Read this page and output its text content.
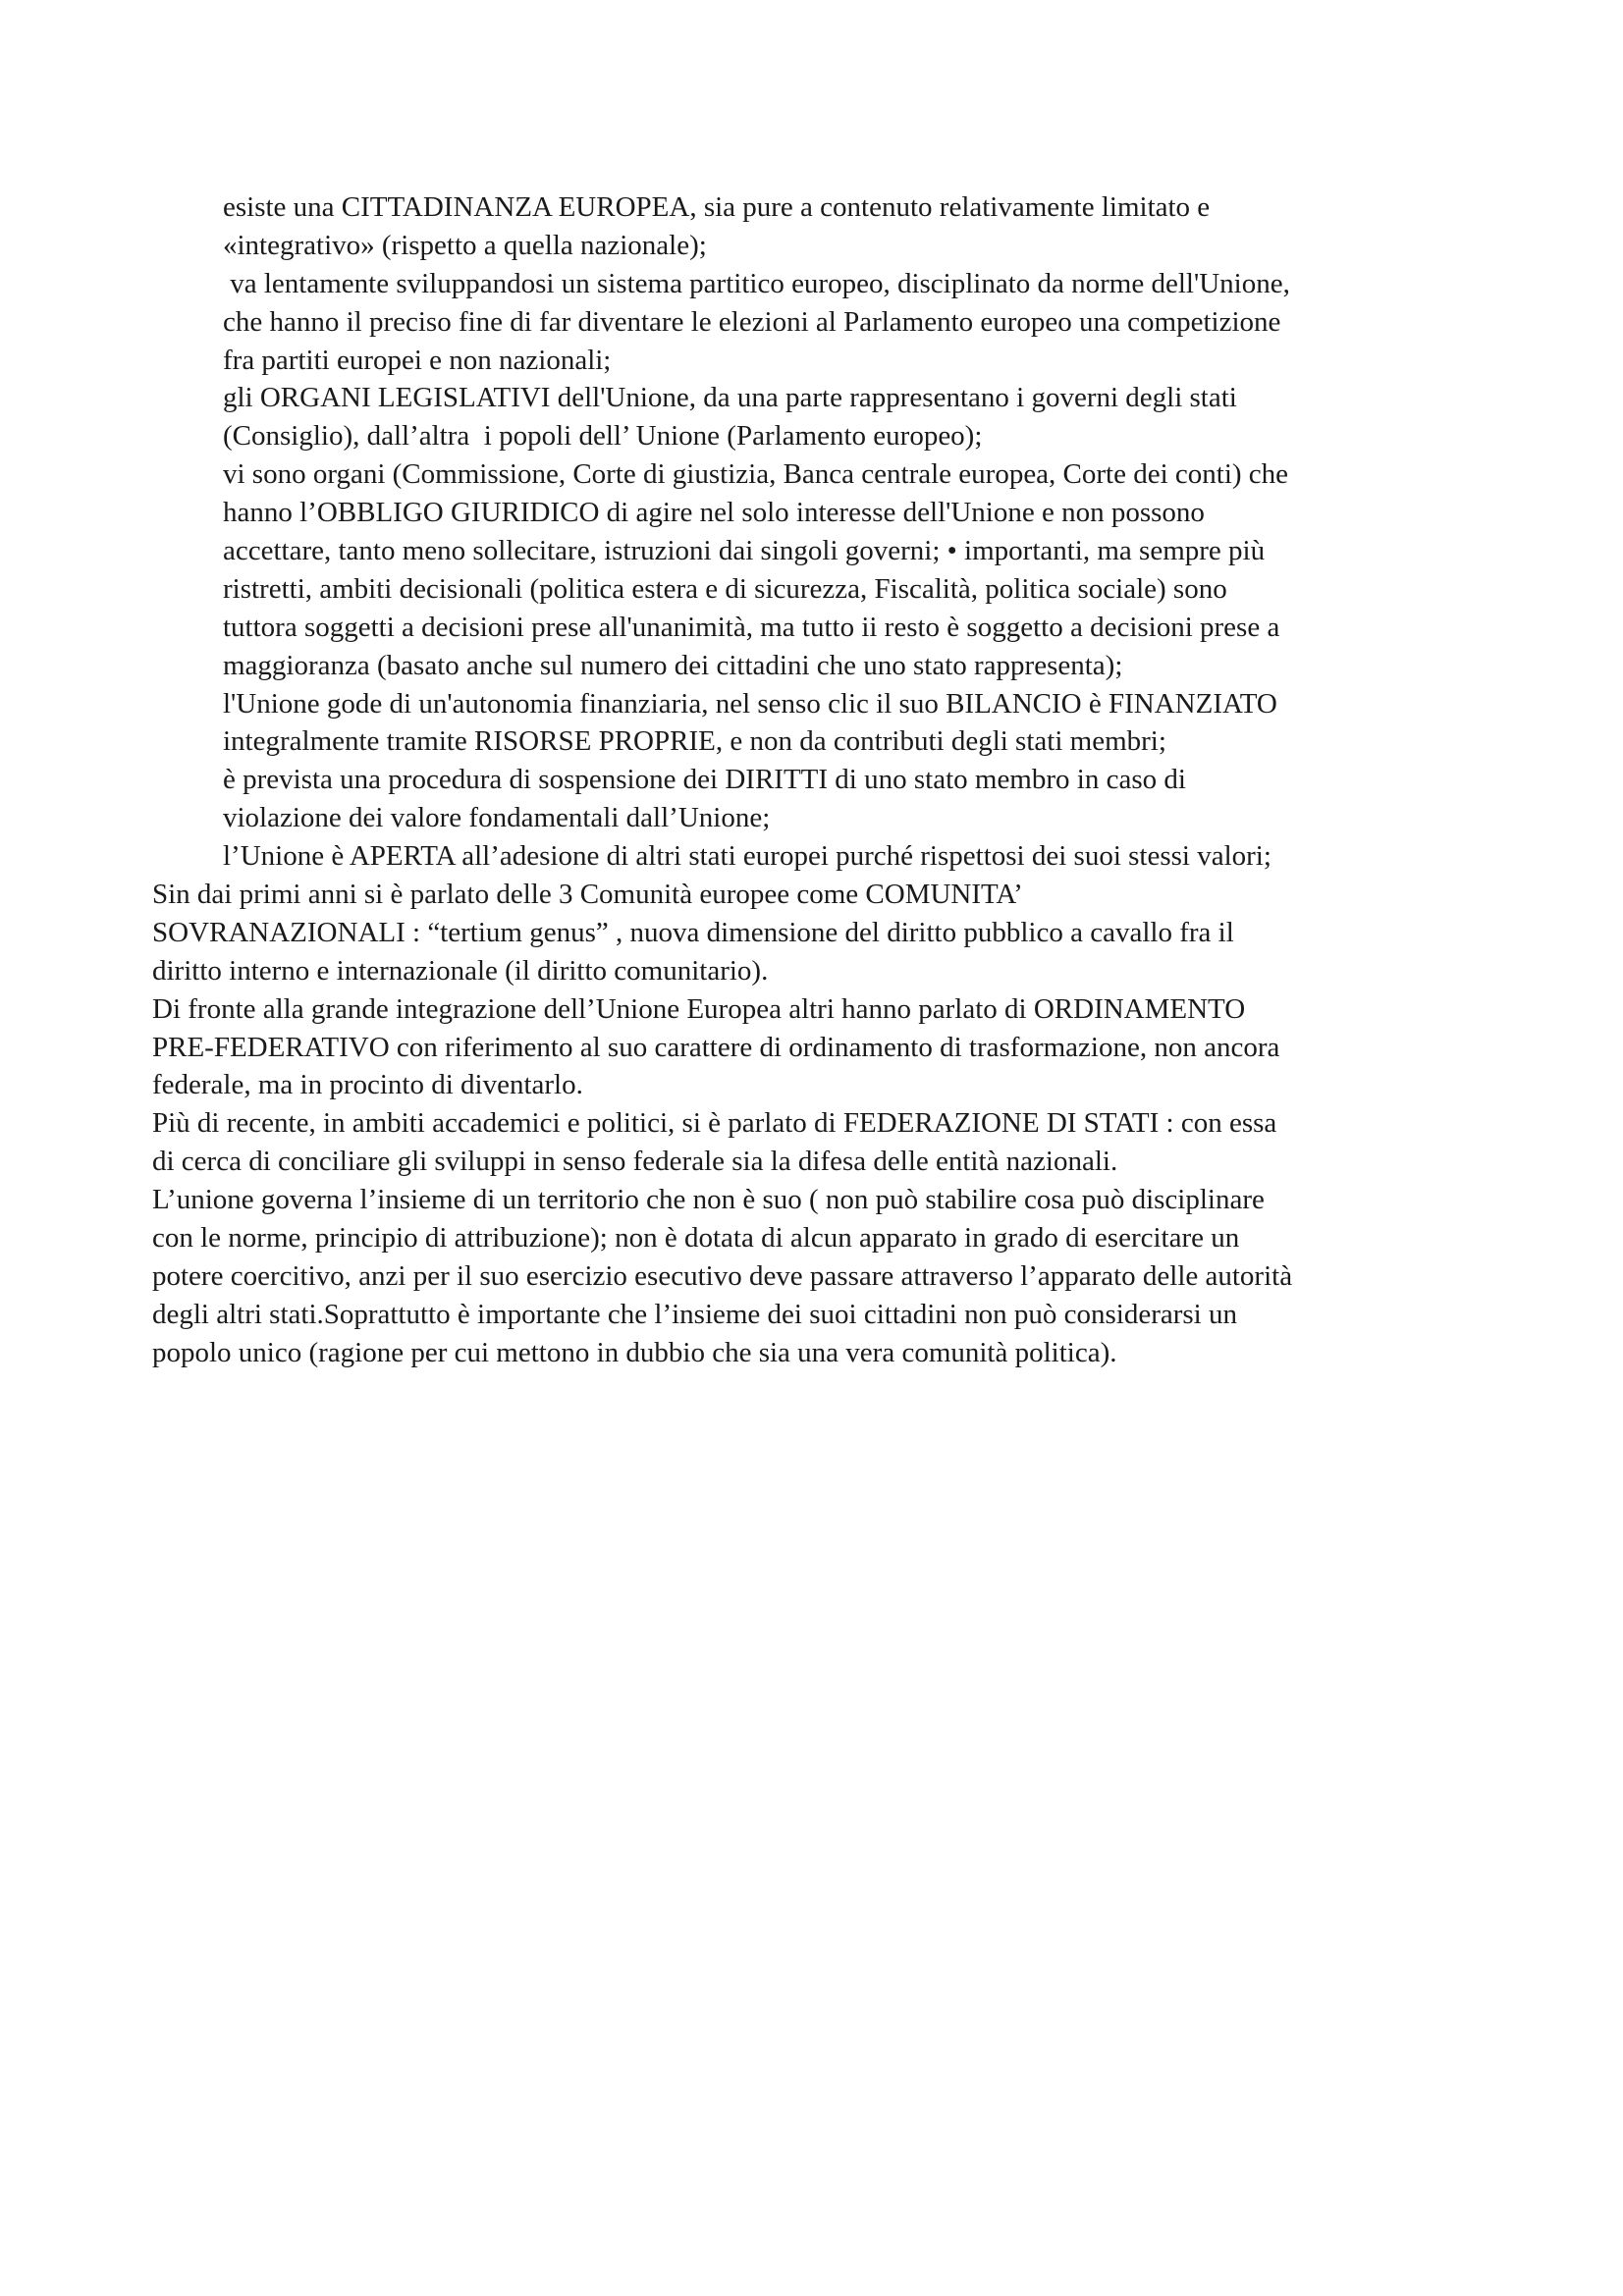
esiste una CITTADINANZA EUROPEA, sia pure a contenuto relativamente limitato e
«integrativo» (rispetto a quella nazionale);
va lentamente sviluppandosi un sistema partitico europeo, disciplinato da norme dell'Unione,
che hanno il preciso fine di far diventare le elezioni al Parlamento europeo una competizione
fra partiti europei e non nazionali;
gli ORGANI LEGISLATIVI dell'Unione, da una parte rappresentano i governi degli stati
(Consiglio), dall’altra  i popoli dell’ Unione (Parlamento europeo);
vi sono organi (Commissione, Corte di giustizia, Banca centrale europea, Corte dei conti) che
hanno l’OBBLIGO GIURIDICO di agire nel solo interesse dell'Unione e non possono
accettare, tanto meno sollecitare, istruzioni dai singoli governi; • importanti, ma sempre più
ristretti, ambiti decisionali (politica estera e di sicurezza, Fiscalità, politica sociale) sono
tuttora soggetti a decisioni prese all'unanimità, ma tutto ii resto è soggetto a decisioni prese a
maggioranza (basato anche sul numero dei cittadini che uno stato rappresenta);
l'Unione gode di un'autonomia finanziaria, nel senso clic il suo BILANCIO è FINANZIATO
integralmente tramite RISORSE PROPRIE, e non da contributi degli stati membri;
è prevista una procedura di sospensione dei DIRITTI di uno stato membro in caso di
violazione dei valore fondamentali dall’Unione;
l’Unione è APERTA all’adesione di altri stati europei purché rispettosi dei suoi stessi valori;
Sin dai primi anni si è parlato delle 3 Comunità europee come COMUNITA’
SOVRANAZIONALI : “tertium genus” , nuova dimensione del diritto pubblico a cavallo fra il
diritto interno e internazionale (il diritto comunitario).
Di fronte alla grande integrazione dell’Unione Europea altri hanno parlato di ORDINAMENTO
PRE-FEDERATIVO con riferimento al suo carattere di ordinamento di trasformazione, non ancora
federale, ma in procinto di diventarlo.
Più di recente, in ambiti accademici e politici, si è parlato di FEDERAZIONE DI STATI : con essa
di cerca di conciliare gli sviluppi in senso federale sia la difesa delle entità nazionali.
L’unione governa l’insieme di un territorio che non è suo ( non può stabilire cosa può disciplinare
con le norme, principio di attribuzione); non è dotata di alcun apparato in grado di esercitare un
potere coercitivo, anzi per il suo esercizio esecutivo deve passare attraverso l’apparato delle autorità
degli altri stati.Soprattutto è importante che l’insieme dei suoi cittadini non può considerarsi un
popolo unico (ragione per cui mettono in dubbio che sia una vera comunità politica).
